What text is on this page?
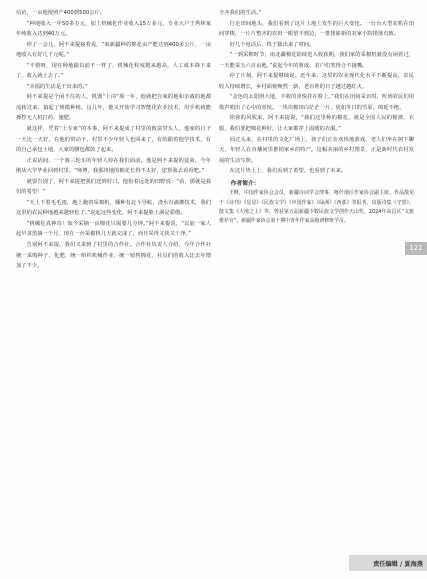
信访，一亩地按照产400到500公斤。

“种地收入一年50多万元，加上机械化作业收入15万多元，专业大户王秀林家年纯收入达到40万元。

停了一会儿，阿不来提接着说，“咱新疆种的棉花亩产能达到400多公斤，一亩地收入有好几千元呢。”

“不错呀，现在种地跟以前不一样了，机械化程度越来越高，人工成本降下来了，收入就上去了。”

“幸福的生活是干出来的。”

阿不来提是个闲不住的人，机器“上岗”那一年，他就把自家的地和亲戚的地都流转过来，搞起了规模种植。这几年，他又开始学习智能化农业技术，用手机就能操控无人机打药、施肥。

就这样，凭着“土专家”的本事，阿不来提成了村里的致富带头人，他家的日子一天比一天好。在他的带动下，村里不少年轻人也回来了，有的跟着他学技术，有的自己承包土地，大家的腰包都鼓了起来。

正说话间，一个骑三轮车的年轻人停在我们面前。他是阿不来提的徒弟，今年刚从大学毕业回到村里。“师傅，我那块地的棉花长得不太好，您帮我去看看吧。”

就要告别了，阿不来提把我们送到村口。他指着远处的田野说：“看，那就是我们的希望！”

“天上下着毛毛雨，地上跑着采棉机，播种有北斗导航，浇水有滴灌技术，我们这里的农民种地越来越轻松了。”说起这些变化，阿不来提脸上满是骄傲。

“机械化真神奇！如今采摘一亩棉花只需要几分钟。”阿不来提说，“以前一家人起早贪黑摘一个月，现在一台采棉机几天就完成了，而且采得又快又干净。”

告别阿不来提，我们又来到了村里的合作社。合作社负责人介绍，今年合作社统一采购种子、化肥，统一组织机械作业，统一销售棉花，社员们的收入比去年增加了不少。

全齐我们的生活。”

行走田间地头，我们看到了这片土地上发生的巨大变化。一台台大型农机在田间穿梭，一片片整齐的农田一眼望不到边，一排排崭新的农家小院错落有致。

好几个电话后，终于拨出来了时间。

“一到采棉时节，南北疆棉花陆续进入收获期，我们家的采棉机就没有闲着过，一天能采五六百亩地。”说起今年的收成，农户们笑得合不拢嘴。

停了片刻，阿不来提继续说。近年来，这里的农业现代化水平不断提高，农民收入持续增长，乡村面貌焕然一新，老百姓的日子越过越红火。

“金色的太阳照大地，丰收的喜悦挂在脸上。”我们在田间采访时，听到农民们用歌声唱出了心中的喜悦。一块块棉田白茫茫一片，犹如冬日的雪原，绵延不绝。

徐徐的风吹来，阿不来提说，“我们这里种的棉花，就是全国人民的棉被、衣服，我们要把棉花种好，让大家都穿上温暖的衣服。”

回过头来，在村里的文化广场上，孩子们正在欢快地游戏，老人们坐在树下聊天，年轻人在直播间里推销家乡的特产。这幅美丽的乡村图景，正是新时代农村发展的生动写照。

在这片热土上，我们看到了希望，也看到了未来。

作者简介：

王继，中国作家协会会员，新疆诗词学会理事，喀什地区作家协会副主席。作品散见于《诗刊》《星星》《民族文学》《中国作家》《绿洲》《西部》等报刊，出版诗集《守望》、散文集《大地之上》等。曾获第五届新疆少数民族文学创作天山奖，2024年高昌区“文旅推荐官”，新疆作家协会第十期中青年作家高级研修班学员。

121
责任编辑 / 夏海燕
